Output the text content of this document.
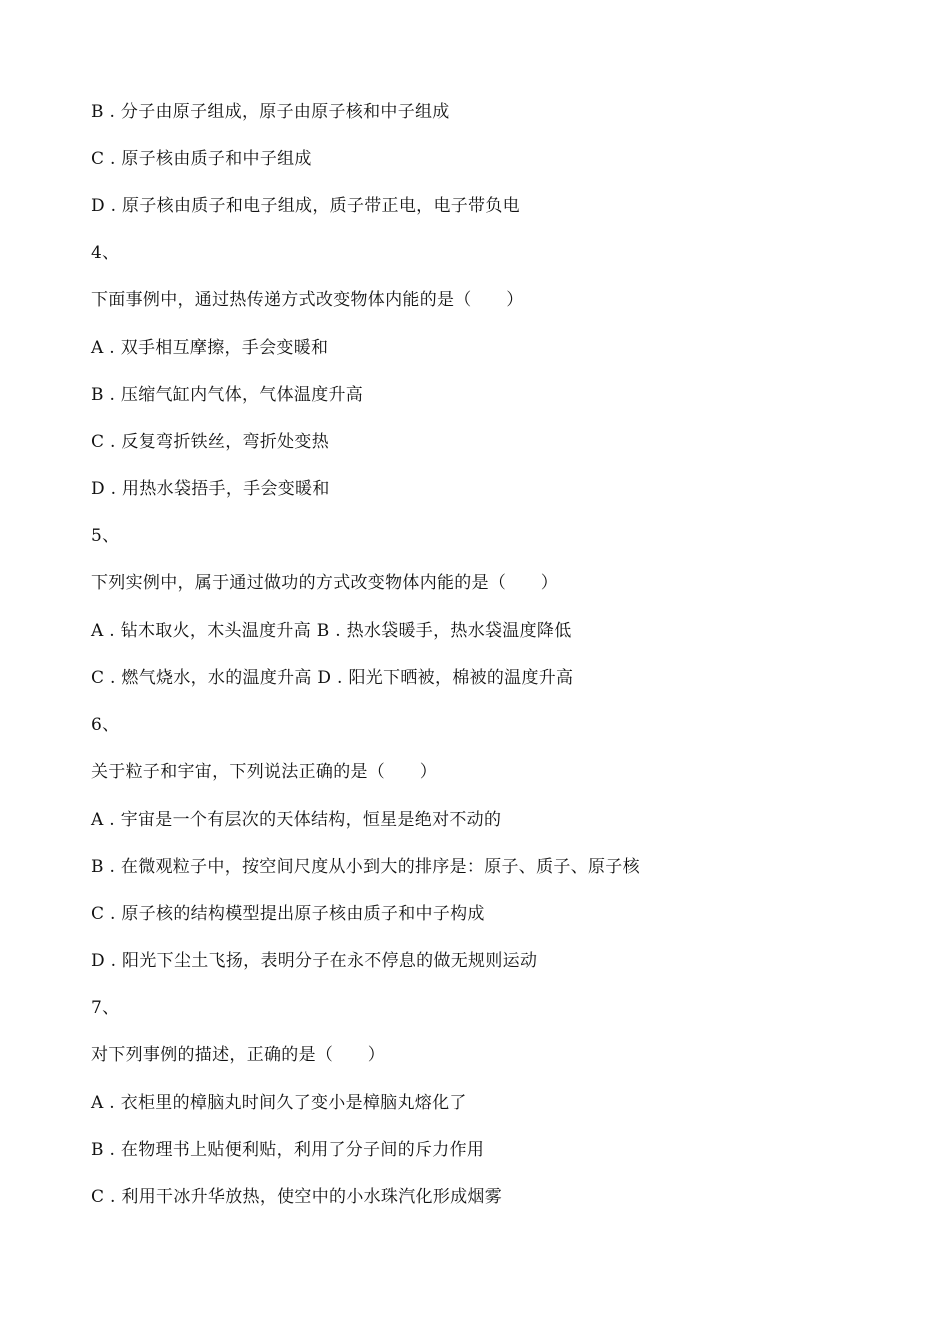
B . 分子由原子组成，原子由原子核和中子组成
C . 原子核由质子和中子组成
D . 原子核由质子和电子组成，质子带正电，电子带负电
4、
下面事例中，通过热传递方式改变物体内能的是（　　）
A . 双手相互摩擦，手会变暖和
B . 压缩气缸内气体，气体温度升高
C . 反复弯折铁丝，弯折处变热
D . 用热水袋捂手，手会变暖和
5、
下列实例中，属于通过做功的方式改变物体内能的是（　　）
A . 钻木取火，木头温度升高 B . 热水袋暖手，热水袋温度降低
C . 燃气烧水，水的温度升高 D . 阳光下晒被，棉被的温度升高
6、
关于粒子和宇宙，下列说法正确的是（　　）
A . 宇宙是一个有层次的天体结构，恒星是绝对不动的
B . 在微观粒子中，按空间尺度从小到大的排序是：原子、质子、原子核
C . 原子核的结构模型提出原子核由质子和中子构成
D . 阳光下尘土飞扬，表明分子在永不停息的做无规则运动
7、
对下列事例的描述，正确的是（　　）
A . 衣柜里的樟脑丸时间久了变小是樟脑丸熔化了
B . 在物理书上贴便利贴，利用了分子间的斥力作用
C . 利用干冰升华放热，使空中的小水珠汽化形成烟雾
